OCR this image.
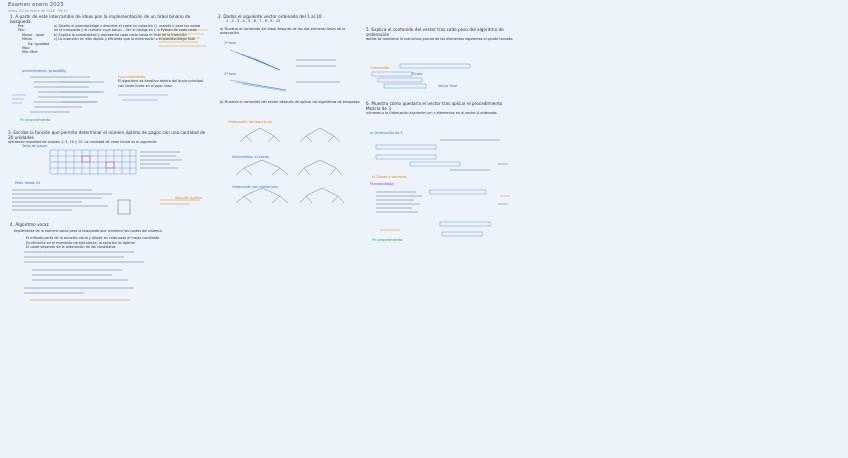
Examen enero 2023
lunes, 23 de enero de 2023 · 09:10
1. A partir de este intercambio de ideas pon la implementación de un árbol binario de búsqueda.
a) Diseña el pseudocódigo y describe el coste en notación O, usando n para los nodos
en la búsqueda y el número cuya soluci... Ver el código en C o Python de cada nodo
b) Explica la complejidad y representa cada nodo hasta el final de la inserción
c) La inserción es más rápida y eficiente que la eliminación o el pseudocódigo final
Pre:
Pos:
Mayor - Igual
Menor
Eq: Igualdad
Max:
Min: Mult
procedimiento (ArbolABB)
Funcionamiento:
El algoritmo es iterativo dentro del bucle principal, con coste lineal en el peor caso
Fin procedimiento
3. Escribe la función que permite determinar el número óptimo de pagos con una cantidad de 20 unidades
utilizando monedas de valores 1, 5, 10 y 20. La cantidad de valor inicial es el siguiente:
Tabla de pagos
Solución óptima
Pedir desde 10
4. Algoritmo voraz
Implementa de la manera voraz para la búsqueda que minimice los costes del sistema.
El método parte de la solución vacía y añade en cada paso el mejor candidato
Es eficiente en el momento de ejecutarse, la solución es óptima
El coste depende de la ordenación de los candidatos
2. Dadas el siguiente vector ordenado del 1 al 10:
1 - 2 - 3 - 4 - 5 - 6 - 7 - 8 - 9 - 10
a) Muestra el contenido del árbol después de las dos primeras fases de la ordenación
b) Muestra el contenido del vector después de aplicar los algoritmos de búsqueda
1ª fase
2ª fase
Ordenación del montículo
Intercambio: el vector
Ordenación por montículos
5. Explica el contenido del vector tras cada paso del algoritmo de ordenación
donde se mantiene la estructura parcial de los elementos siguientes al pivote tomado.
Ordenación
Pivote
Vector final
6. Muestra cómo quedaría el vector tras aplicar el procedimiento Mezcla de 3
números a la Ordenación siguiente con n elementos en el vector A ordenado.
a) Ordenación de 3
b) Divide y vencerás
Pseudocódigo:
Fin procedimiento
